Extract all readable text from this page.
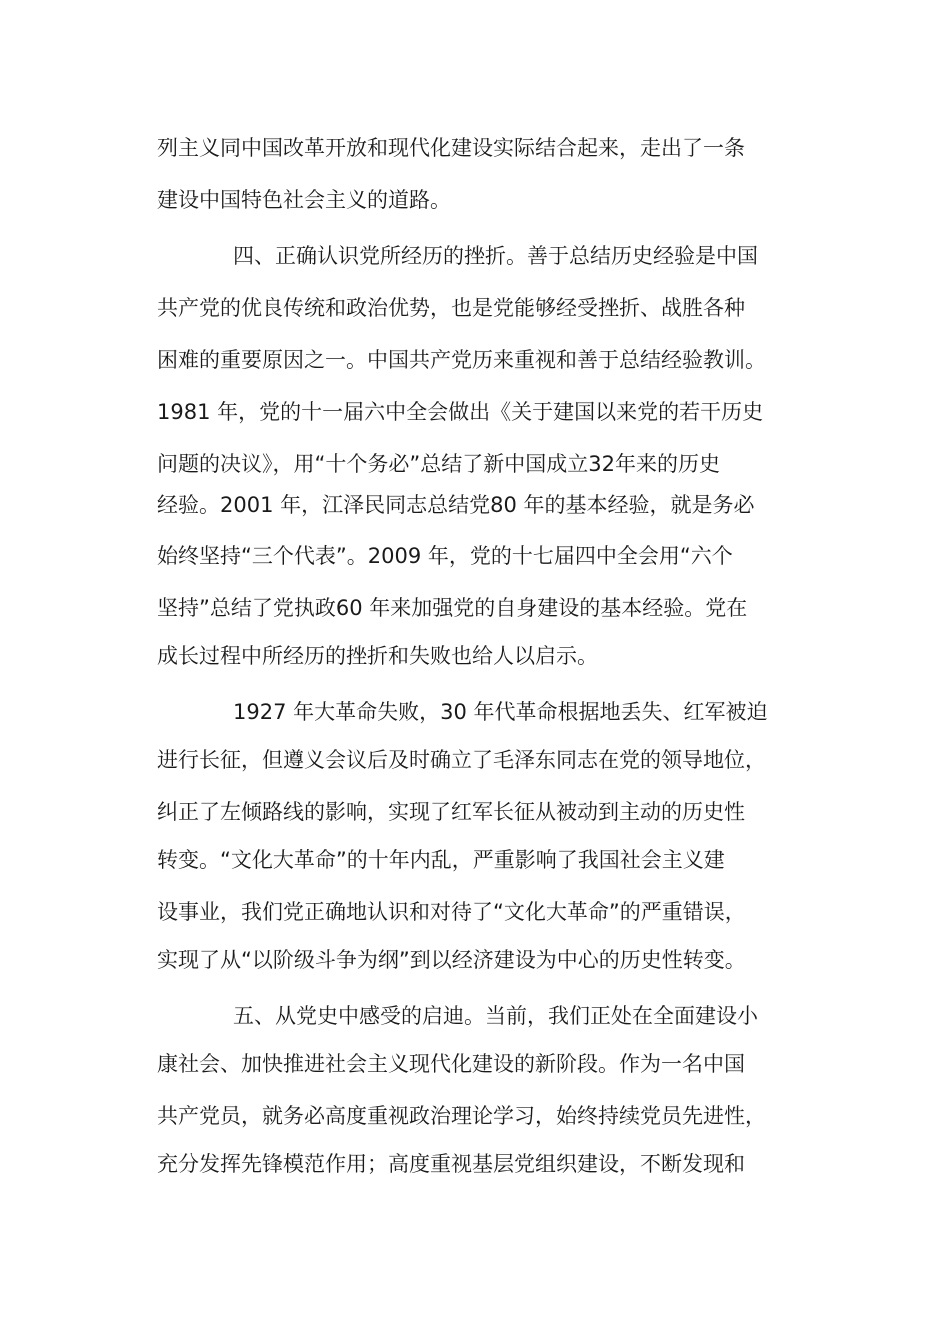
列主义同中国改革开放和现代化建设实际结合起来，走出了一条
建设中国特色社会主义的道路。
四、正确认识党所经历的挫折。善于总结历史经验是中国
共产党的优良传统和政治优势，也是党能够经受挫折、战胜各种
困难的重要原因之一。中国共产党历来重视和善于总结经验教训。
1981 年，党的十一届六中全会做出《关于建国以来党的若干历史
问题的决议》，用“十个务必”总结了新中国成立32年来的历史
经验。2001 年，江泽民同志总结党80 年的基本经验，就是务必
始终坚持“三个代表”。2009 年，党的十七届四中全会用“六个
坚持”总结了党执政60 年来加强党的自身建设的基本经验。党在
成长过程中所经历的挫折和失败也给人以启示。
1927 年大革命失败，30 年代革命根据地丢失、红军被迫
进行长征，但遵义会议后及时确立了毛泽东同志在党的领导地位，
纠正了左倾路线的影响，实现了红军长征从被动到主动的历史性
转变。“文化大革命”的十年内乱，严重影响了我国社会主义建
设事业，我们党正确地认识和对待了“文化大革命”的严重错误，
实现了从“以阶级斗争为纲”到以经济建设为中心的历史性转变。
五、从党史中感受的启迪。当前，我们正处在全面建设小
康社会、加快推进社会主义现代化建设的新阶段。作为一名中国
共产党员，就务必高度重视政治理论学习，始终持续党员先进性，
充分发挥先锋模范作用；高度重视基层党组织建设，不断发现和
